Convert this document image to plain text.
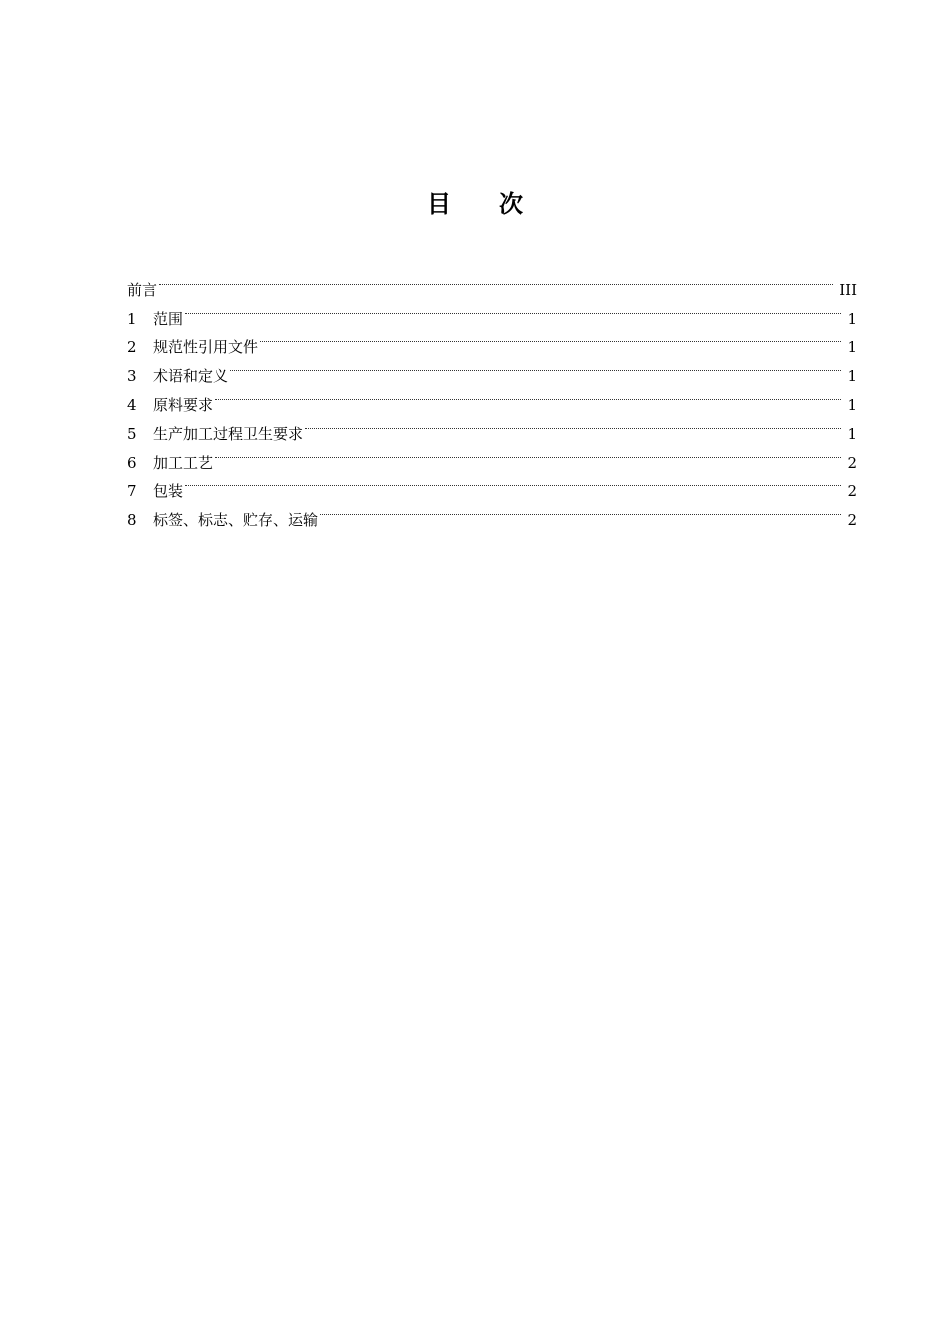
目 次
前言	III
1	范围	1
2	规范性引用文件	1
3	术语和定义	1
4	原料要求	1
5	生产加工过程卫生要求	1
6	加工工艺	2
7	包装	2
8	标签、标志、贮存、运输	2
